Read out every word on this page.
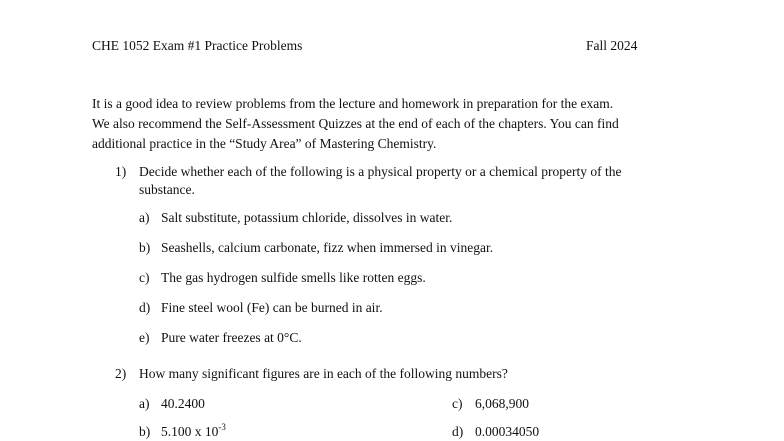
CHE 1052 Exam #1 Practice Problems	Fall 2024
It is a good idea to review problems from the lecture and homework in preparation for the exam.
We also recommend the Self-Assessment Quizzes at the end of each of the chapters. You can find
additional practice in the “Study Area” of Mastering Chemistry.
1) Decide whether each of the following is a physical property or a chemical property of the
substance.
a) Salt substitute, potassium chloride, dissolves in water.
b) Seashells, calcium carbonate, fizz when immersed in vinegar.
c) The gas hydrogen sulfide smells like rotten eggs.
d) Fine steel wool (Fe) can be burned in air.
e) Pure water freezes at 0°C.
2) How many significant figures are in each of the following numbers?
a) 40.2400	c) 6,068,900
b) 5.100 x $10^{-3}$	d) 0.00034050
